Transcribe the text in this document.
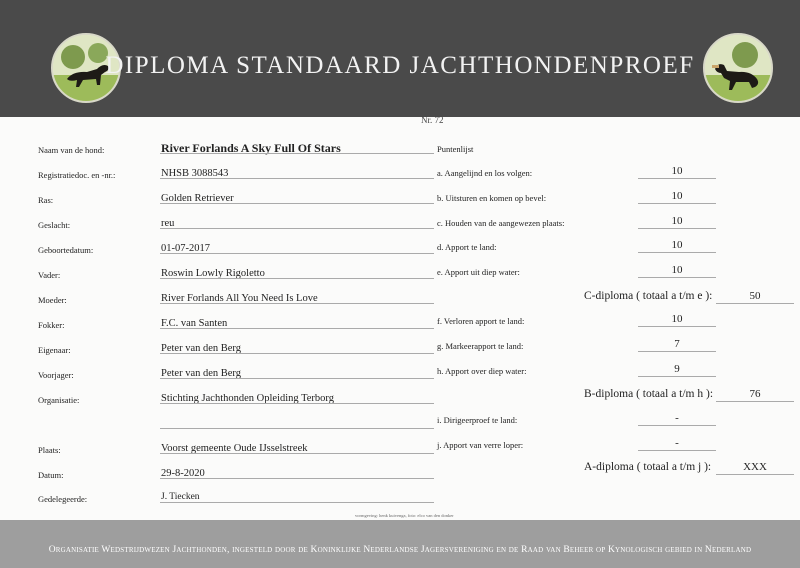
DIPLOMA STANDAARD JACHTHONDENPROEF
Nr. 72
Naam van de hond:	River Forlands A Sky Full Of Stars
Registratiedoc. en -nr.:	NHSB 3088543
Ras:	Golden Retriever
Geslacht:	reu
Geboortedatum:	01-07-2017
Vader:	Roswin Lowly Rigoletto
Moeder:	River Forlands All You Need Is Love
Fokker:	F.C. van Santen
Eigenaar:	Peter van den Berg
Voorjager:	Peter van den Berg
Organisatie:	Stichting Jachthonden Opleiding Terborg
Plaats:	Voorst gemeente Oude IJsselstreek
Datum:	29-8-2020
Gedelegeerde:	J. Tiecken
Puntenlijst
a. Aangelijnd en los volgen:	10
b. Uitsturen en komen op bevel:	10
c. Houden van de aangewezen plaats:	10
d. Apport te land:	10
e. Apport uit diep water:	10
f. Verloren apport te land:	10
g. Markeerapport te land:	7
h. Apport over diep water:	9
i. Dirigeerproef te land:	-
j. Apport van verre loper:	-
C-diploma ( totaal a t/m e ):	50
B-diploma ( totaal a t/m h ):	76
A-diploma ( totaal a t/m j ):	XXX
vormgeving: henk kuivenga, foto: elco van den donker
Organisatie Wedstrijdwezen Jachthonden, ingesteld door de Koninklijke Nederlandse Jagersvereniging en de Raad van Beheer op Kynologisch gebied in Nederland
